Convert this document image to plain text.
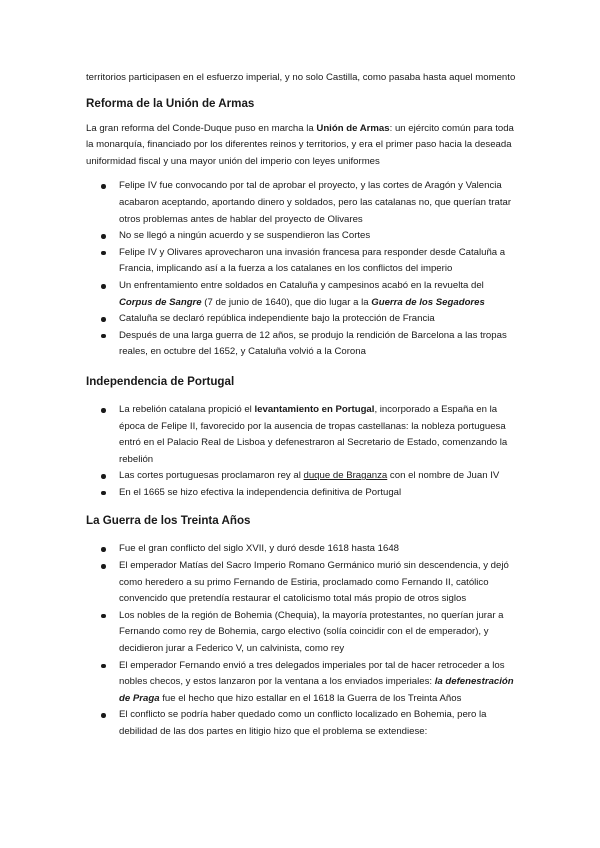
territorios participasen en el esfuerzo imperial, y no solo Castilla, como pasaba hasta aquel momento

Reforma de la Unión de Armas

La gran reforma del Conde-Duque puso en marcha la Unión de Armas: un ejército común para toda la monarquía, financiado por los diferentes reinos y territorios, y era el primer paso hacia la deseada uniformidad fiscal y una mayor unión del imperio con leyes uniformes

Felipe IV fue convocando por tal de aprobar el proyecto, y las cortes de Aragón y Valencia acabaron aceptando, aportando dinero y soldados, pero las catalanas no, que querían tratar otros problemas antes de hablar del proyecto de Olivares
No se llegó a ningún acuerdo y se suspendieron las Cortes
Felipe IV y Olivares aprovecharon una invasión francesa para responder desde Cataluña a Francia, implicando así a la fuerza a los catalanes en los conflictos del imperio
Un enfrentamiento entre soldados en Cataluña y campesinos acabó en la revuelta del Corpus de Sangre (7 de junio de 1640), que dio lugar a la Guerra de los Segadores
Cataluña se declaró república independiente bajo la protección de Francia
Después de una larga guerra de 12 años, se produjo la rendición de Barcelona a las tropas reales, en octubre del 1652, y Cataluña volvió a la Corona
Independencia de Portugal
La rebelión catalana propició el levantamiento en Portugal, incorporado a España en la época de Felipe II, favorecido por la ausencia de tropas castellanas: la nobleza portuguesa entró en el Palacio Real de Lisboa y defenestraron al Secretario de Estado, comenzando la rebelión
Las cortes portuguesas proclamaron rey al duque de Braganza con el nombre de Juan IV
En el 1665 se hizo efectiva la independencia definitiva de Portugal
La Guerra de los Treinta Años
Fue el gran conflicto del siglo XVII, y duró desde 1618 hasta 1648
El emperador Matías del Sacro Imperio Romano Germánico murió sin descendencia, y dejó como heredero a su primo Fernando de Estiria, proclamado como Fernando II, católico convencido que pretendía restaurar el catolicismo total más propio de otros siglos
Los nobles de la región de Bohemia (Chequia), la mayoría protestantes, no querían jurar a Fernando como rey de Bohemia, cargo electivo (solía coincidir con el de emperador), y decidieron jurar a Federico V, un calvinista, como rey
El emperador Fernando envió a tres delegados imperiales por tal de hacer retroceder a los nobles checos, y estos lanzaron por la ventana a los enviados imperiales: la defenestración de Praga fue el hecho que hizo estallar en el 1618 la Guerra de los Treinta Años
El conflicto se podría haber quedado como un conflicto localizado en Bohemia, pero la debilidad de las dos partes en litigio hizo que el problema se extendiese:
